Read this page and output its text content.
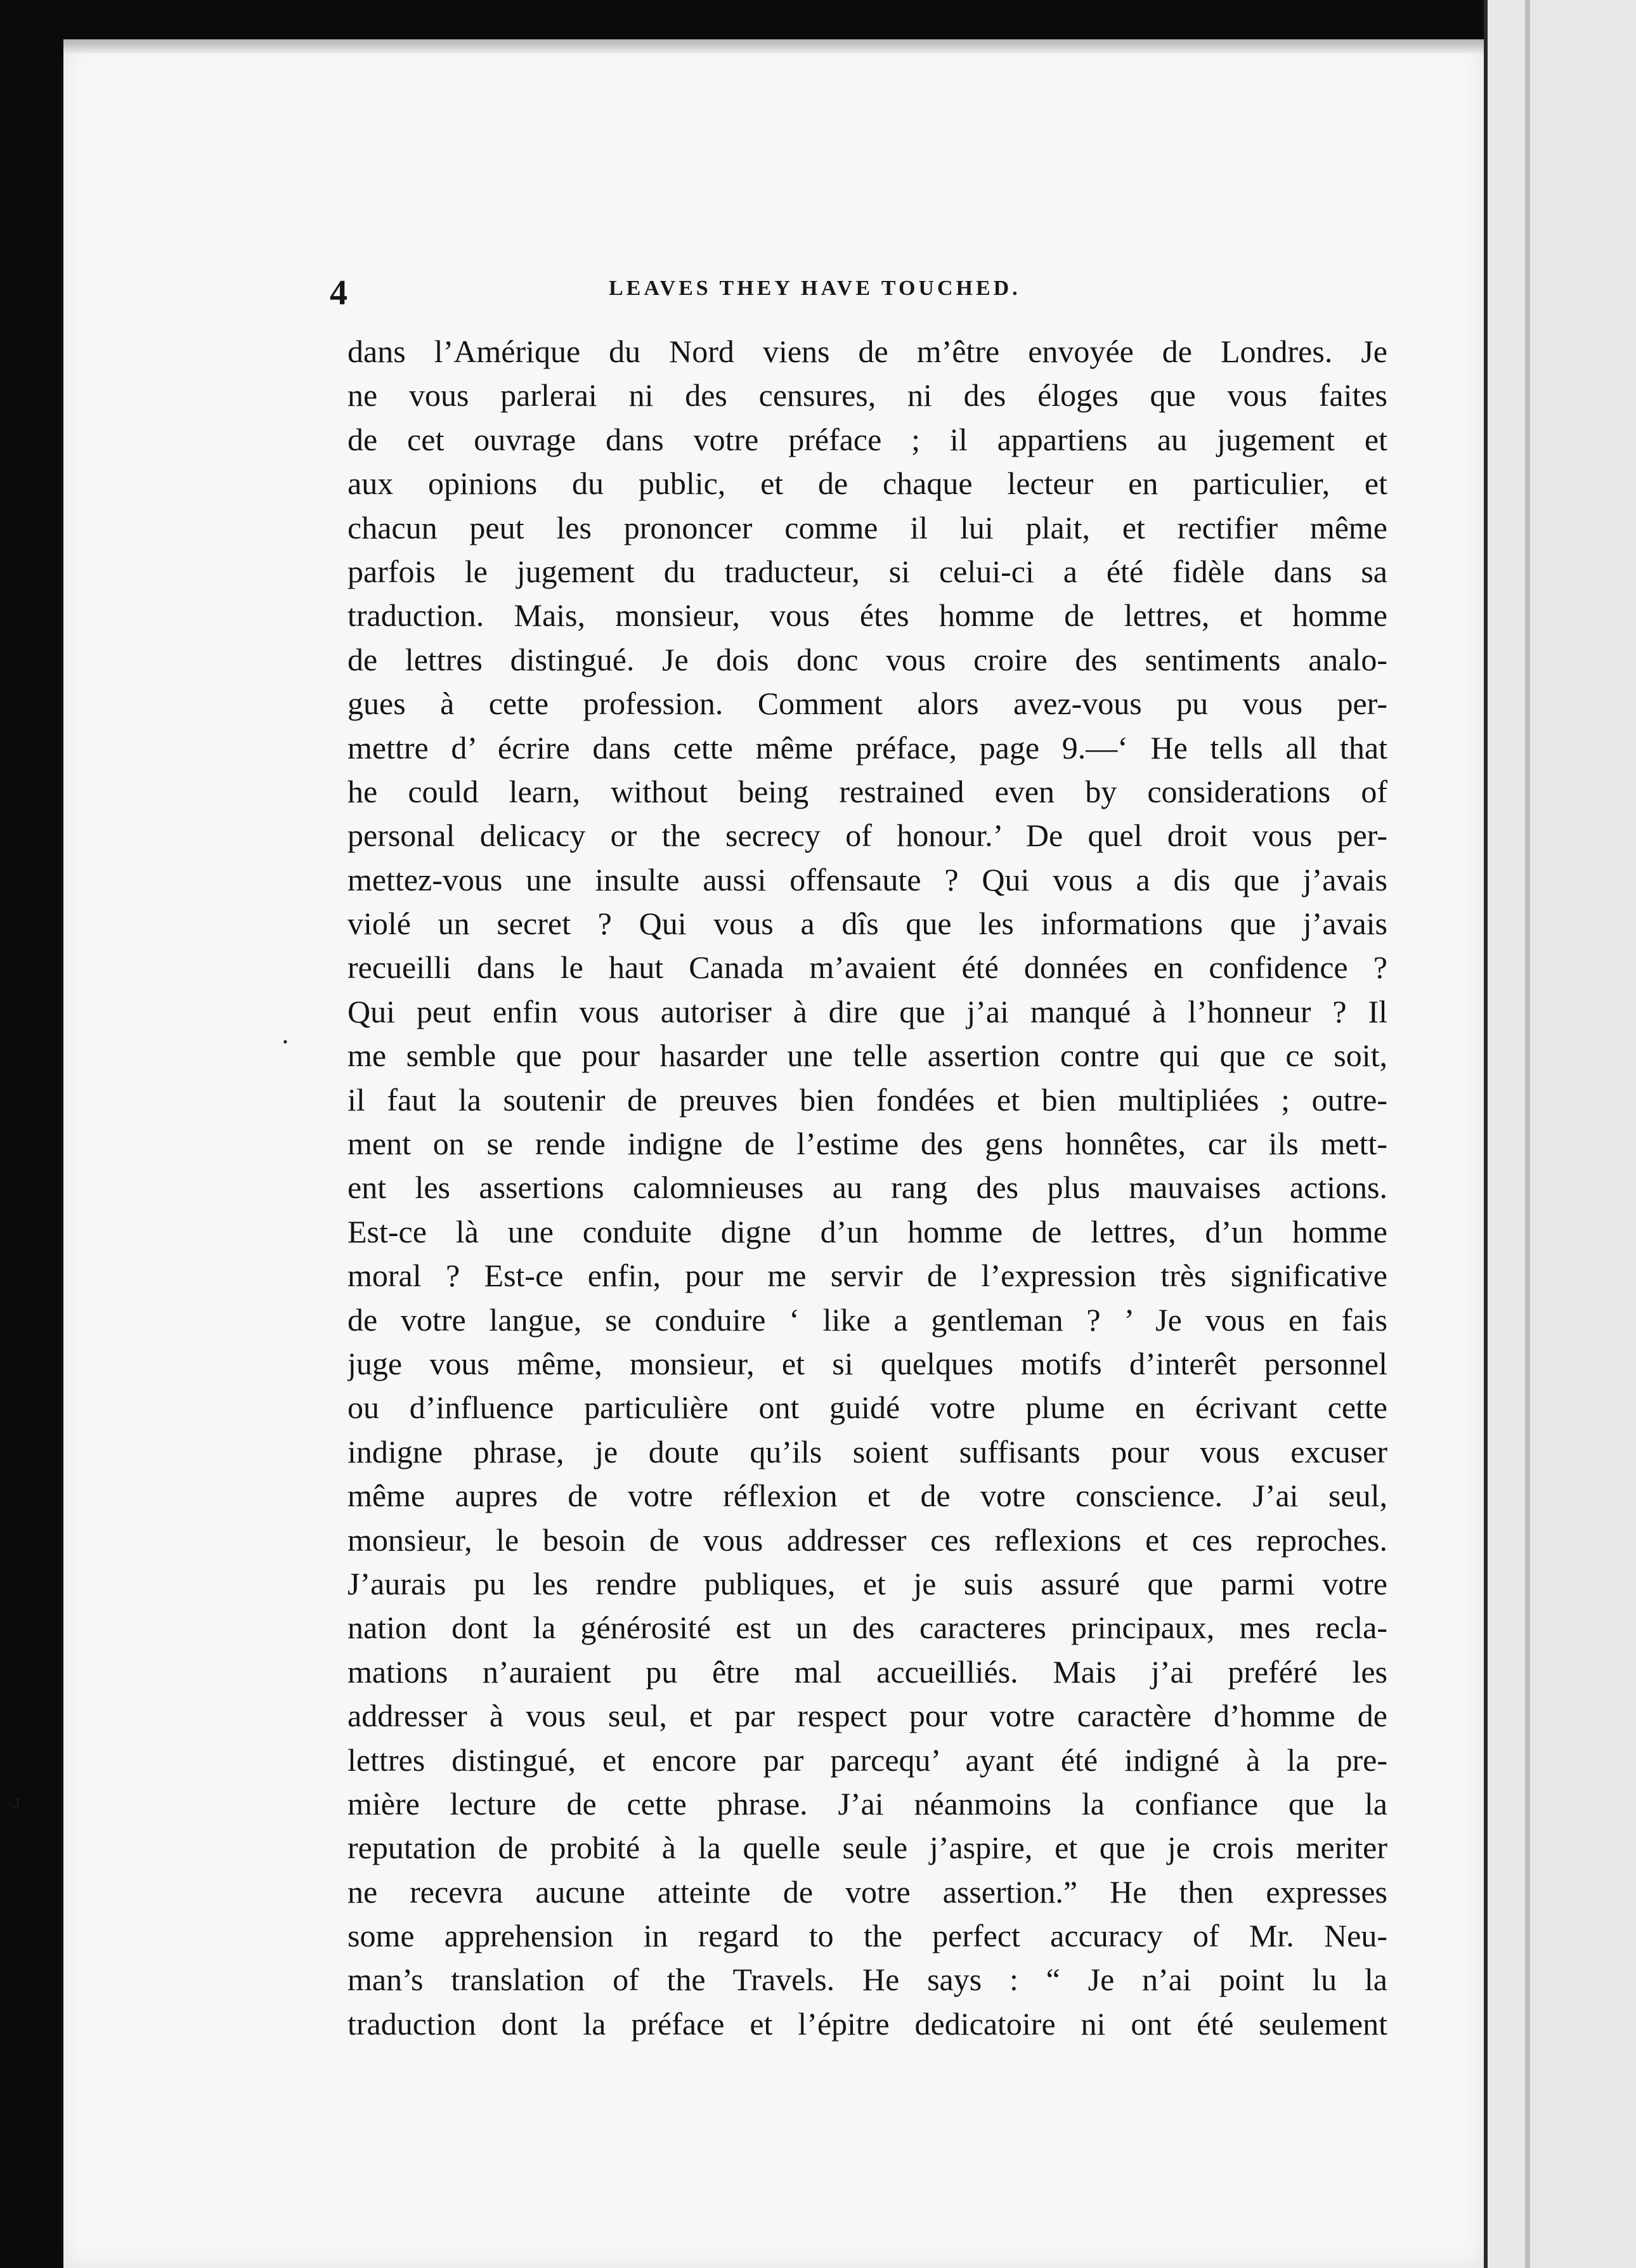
•
-.J
4	LEAVES THEY HAVE TOUCHED.
dans l’Amérique du Nord viens de m’être envoyée de Londres. Je
ne vous parlerai ni des censures, ni des éloges que vous faites
de cet ouvrage dans votre préface ; il appartiens au jugement et
aux opinions du public, et de chaque lecteur en particulier, et
chacun peut les prononcer comme il lui plait, et rectifier même
parfois le jugement du traducteur, si celui-ci a été fidèle dans sa
traduction. Mais, monsieur, vous étes homme de lettres, et homme
de lettres distingué. Je dois donc vous croire des sentiments analo-
gues à cette profession. Comment alors avez-vous pu vous per-
mettre d’ écrire dans cette même préface, page 9.—‘ He tells all that
he could learn, without being restrained even by considerations of
personal delicacy or the secrecy of honour.’ De quel droit vous per-
mettez-vous une insulte aussi offensaute ? Qui vous a dis que j’avais
violé un secret ? Qui vous a dîs que les informations que j’avais
recueilli dans le haut Canada m’avaient été données en confidence ?
Qui peut enfin vous autoriser à dire que j’ai manqué à l’honneur ? Il
me semble que pour hasarder une telle assertion contre qui que ce soit,
il faut la soutenir de preuves bien fondées et bien multipliées ; outre-
ment on se rende indigne de l’estime des gens honnêtes, car ils mett-
ent les assertions calomnieuses au rang des plus mauvaises actions.
Est-ce là une conduite digne d’un homme de lettres, d’un homme
moral ? Est-ce enfin, pour me servir de l’expression très significative
de votre langue, se conduire ‘ like a gentleman ? ’ Je vous en fais
juge vous même, monsieur, et si quelques motifs d’interêt personnel
ou d’influence particulière ont guidé votre plume en écrivant cette
indigne phrase, je doute qu’ils soient suffisants pour vous excuser
même aupres de votre réflexion et de votre conscience. J’ai seul,
monsieur, le besoin de vous addresser ces reflexions et ces reproches.
J’aurais pu les rendre publiques, et je suis assuré que parmi votre
nation dont la générosité est un des caracteres principaux, mes recla-
mations n’auraient pu être mal accueilliés. Mais j’ai preféré les
addresser à vous seul, et par respect pour votre caractère d’homme de
lettres distingué, et encore par parcequ’ ayant été indigné à la pre-
mière lecture de cette phrase. J’ai néanmoins la confiance que la
reputation de probité à la quelle seule j’aspire, et que je crois meriter
ne recevra aucune atteinte de votre assertion.” He then expresses
some apprehension in regard to the perfect accuracy of Mr. Neu-
man’s translation of the Travels. He says : “ Je n’ai point lu la
traduction dont la préface et l’épitre dedicatoire ni ont été seulement
